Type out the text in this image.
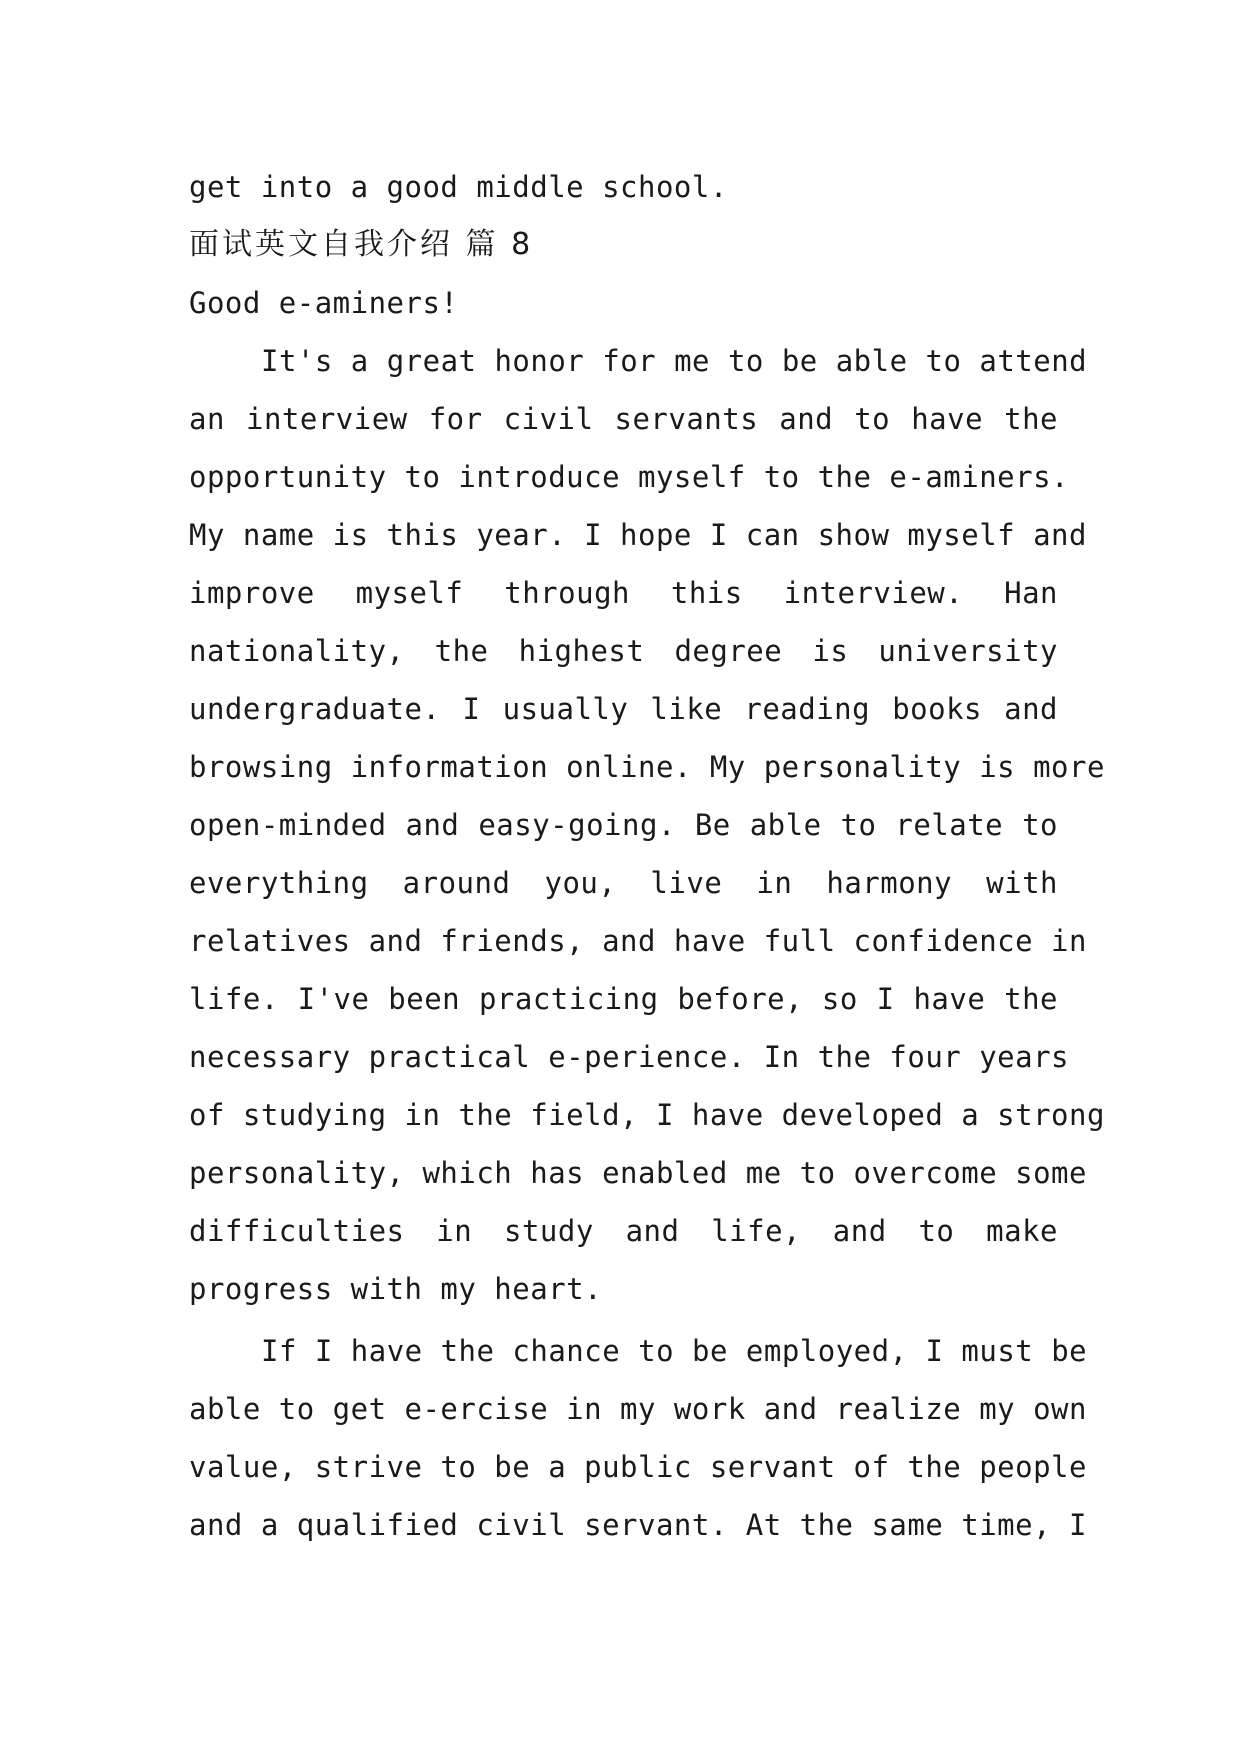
get into a good middle school.
面试英文自我介绍 篇 8
Good e-aminers!
It's a great honor for me to be able to attend
an interview for civil servants and to have the
opportunity to introduce myself to the e-aminers.
My name is this year. I hope I can show myself and
improve myself through this interview. Han
nationality, the highest degree is university
undergraduate. I usually like reading books and
browsing information online. My personality is more
open-minded and easy-going. Be able to relate to
everything around you, live in harmony with
relatives and friends, and have full confidence in
life. I've been practicing before, so I have the
necessary practical e-perience. In the four years
of studying in the field, I have developed a strong
personality, which has enabled me to overcome some
difficulties in study and life, and to make
progress with my heart.
If I have the chance to be employed, I must be
able to get e-ercise in my work and realize my own
value, strive to be a public servant of the people
and a qualified civil servant. At the same time, I
